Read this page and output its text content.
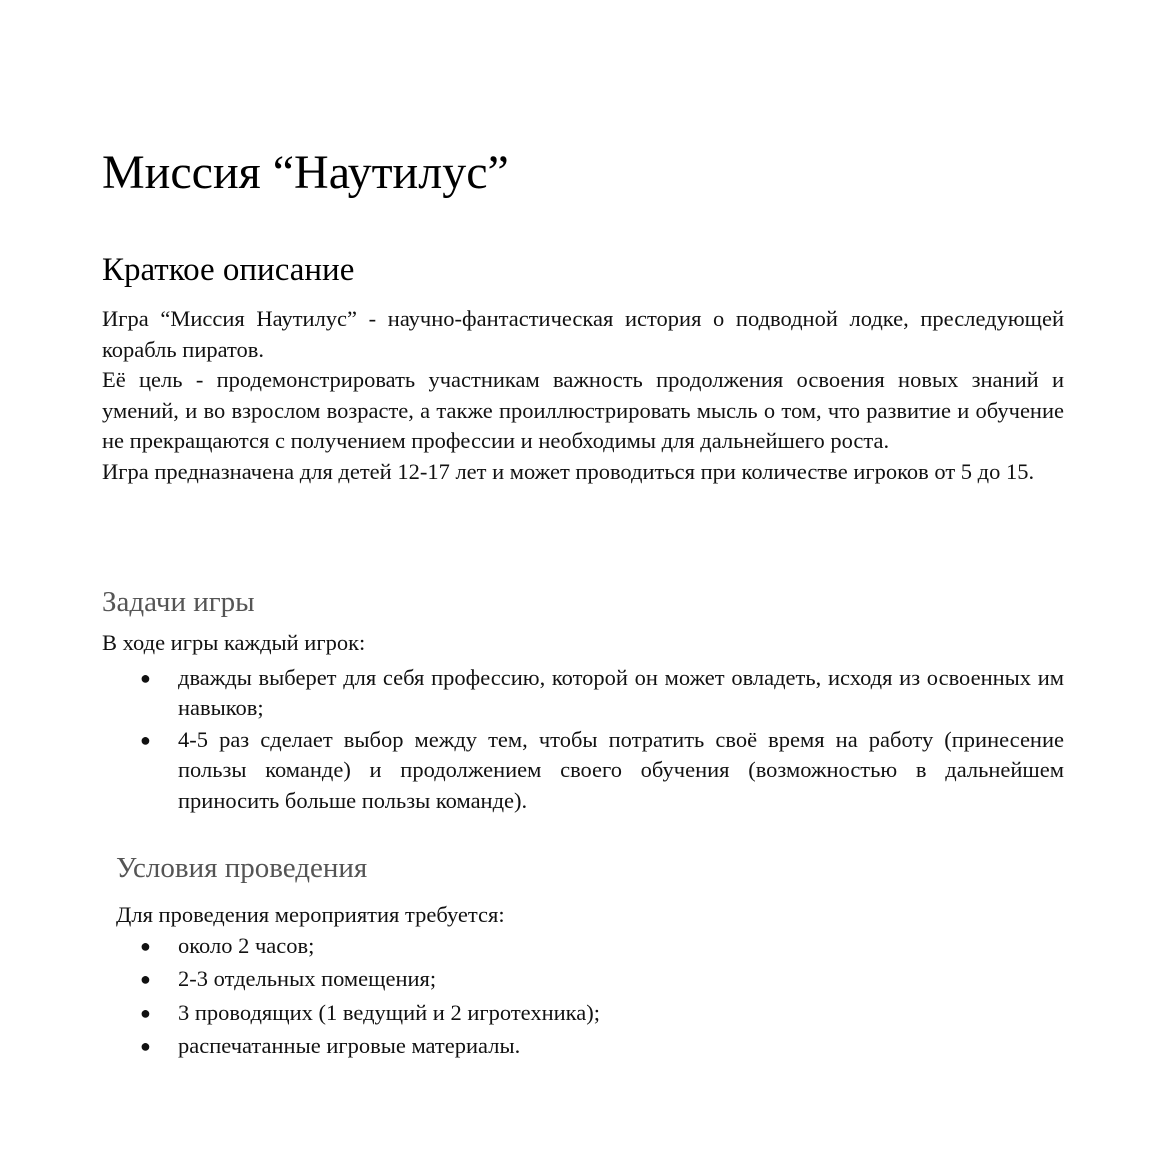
Миссия “Наутилус”
Краткое описание

Игра “Миссия Наутилус” - научно-фантастическая история о подводной лодке, преследующей корабль пиратов.

Её цель - продемонстрировать участникам важность продолжения освоения новых знаний и умений, и во взрослом возрасте, а также проиллюстрировать мысль о том, что развитие и обучение не прекращаются с получением профессии и необходимы для дальнейшего роста.

Игра предназначена для детей 12-17 лет и может проводиться при количестве игроков от 5 до 15.

Задачи игры

В ходе игры каждый игрок:

● дважды выберет для себя профессию, которой он может овладеть, исходя из освоенных им навыков;
● 4-5 раз сделает выбор между тем, чтобы потратить своё время на работу (принесение пользы команде) и продолжением своего обучения (возможностью в дальнейшем приносить больше пользы команде).
Условия проведения

Для проведения мероприятия требуется:

● около 2 часов;
● 2-3 отдельных помещения;
● 3 проводящих (1 ведущий и 2 игротехника);
● распечатанные игровые материалы.
